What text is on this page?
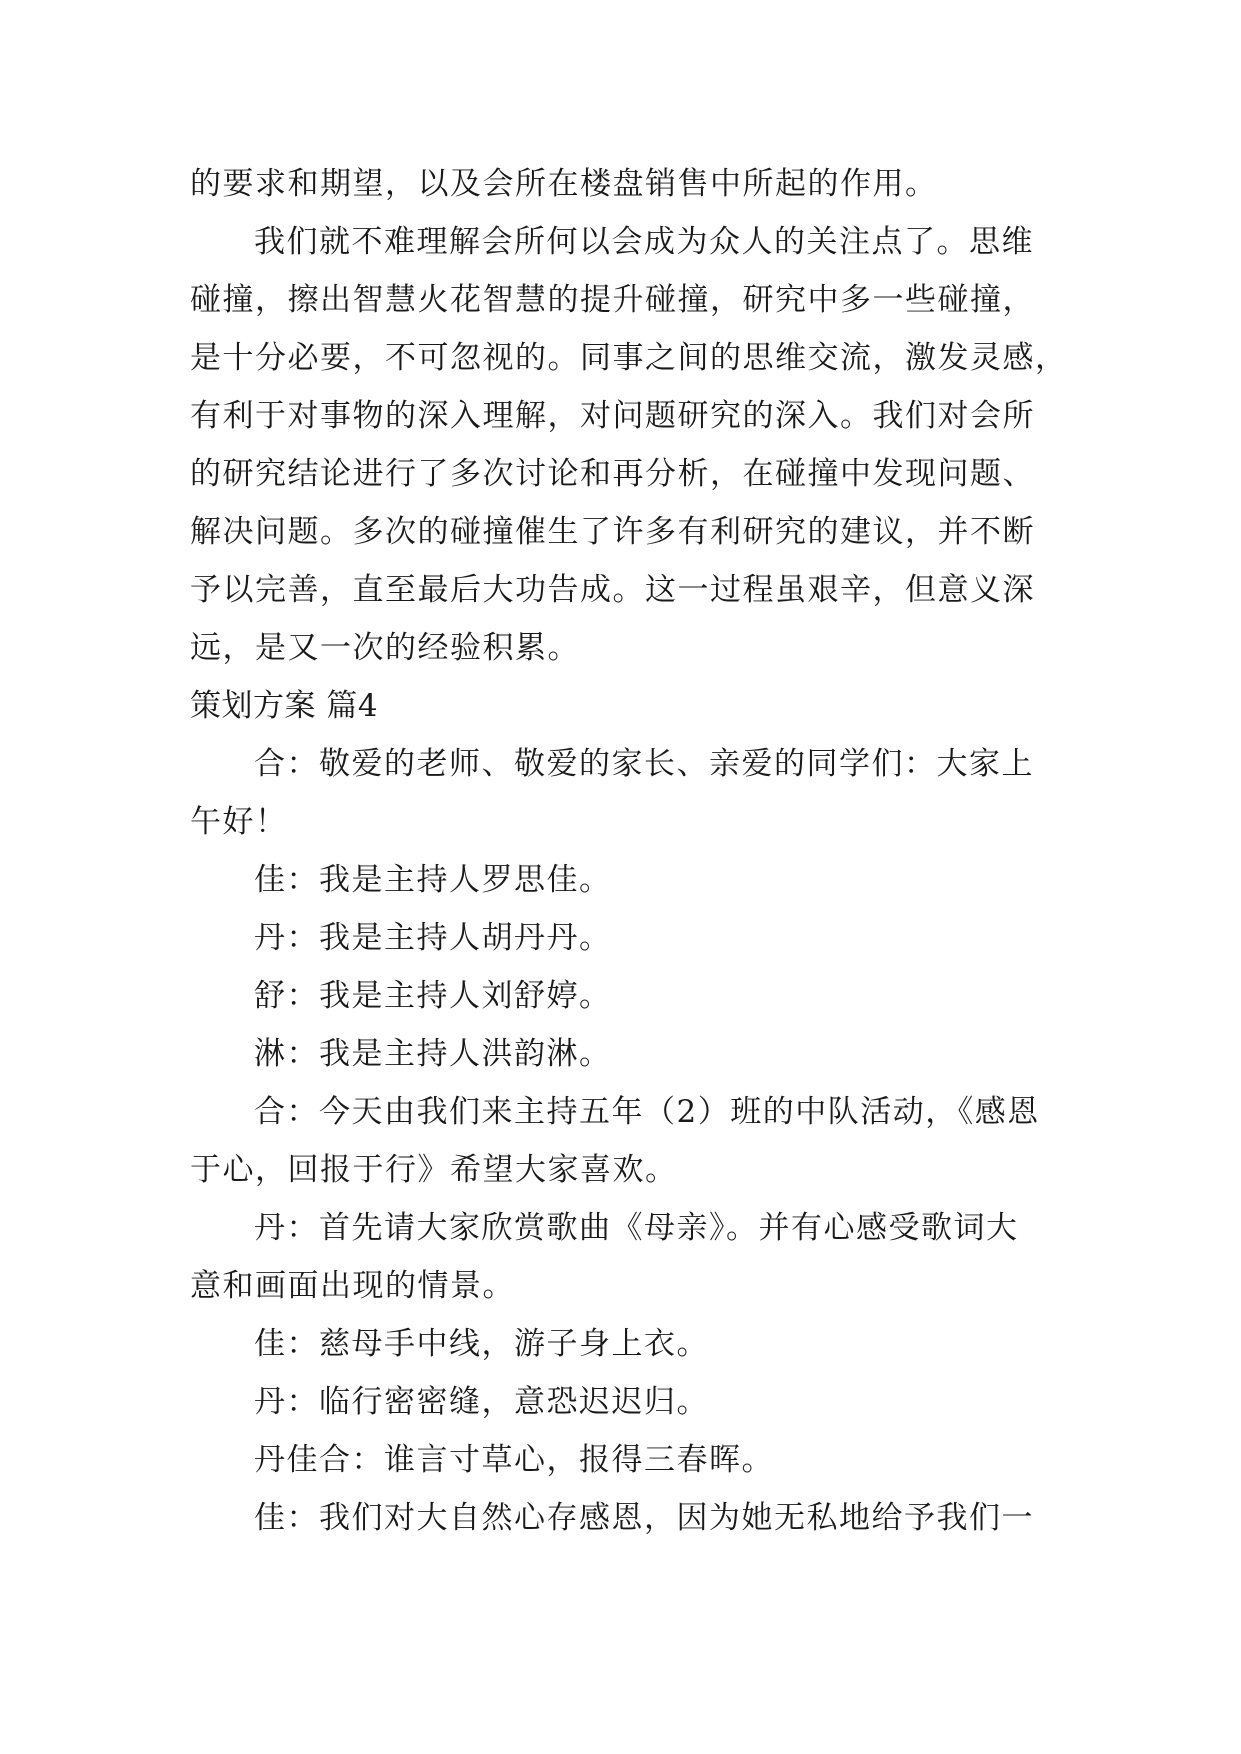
的要求和期望，以及会所在楼盘销售中所起的作用。
我们就不难理解会所何以会成为众人的关注点了。思维
碰撞，擦出智慧火花智慧的提升碰撞，研究中多一些碰撞，
是十分必要，不可忽视的。同事之间的思维交流，激发灵感，
有利于对事物的深入理解，对问题研究的深入。我们对会所
的研究结论进行了多次讨论和再分析，在碰撞中发现问题、
解决问题。多次的碰撞催生了许多有利研究的建议，并不断
予以完善，直至最后大功告成。这一过程虽艰辛，但意义深
远，是又一次的经验积累。
策划方案 篇4
合：敬爱的老师、敬爱的家长、亲爱的同学们：大家上
午好！
佳：我是主持人罗思佳。
丹：我是主持人胡丹丹。
舒：我是主持人刘舒婷。
淋：我是主持人洪韵淋。
合：今天由我们来主持五年（2）班的中队活动，《感恩
于心，回报于行》希望大家喜欢。
丹：首先请大家欣赏歌曲《母亲》。并有心感受歌词大
意和画面出现的情景。
佳：慈母手中线，游子身上衣。
丹：临行密密缝，意恐迟迟归。
丹佳合：谁言寸草心，报得三春晖。
佳：我们对大自然心存感恩，因为她无私地给予我们一
